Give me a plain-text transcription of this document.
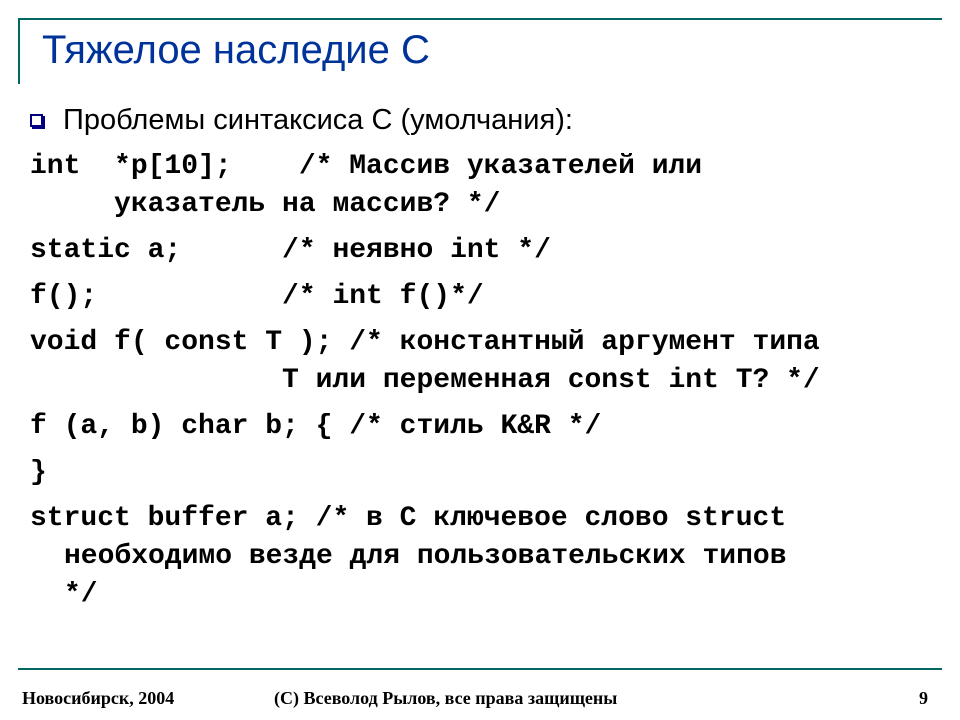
Тяжелое наследие С
Проблемы синтаксиса С (умолчания):
int  *p[10];    /* Массив указателей или
указатель на массив? */
static a;      /* неявно int */
f();           /* int f()*/
void f( const T ); /* константный аргумент типа
T или переменная const int T? */
f (a, b) char b; { /* стиль K&R */
}
struct buffer a; /* в С ключевое слово struct
необходимо везде для пользовательских типов
*/
Новосибирск, 2004	(С) Всеволод Рылов, все права защищены	9
